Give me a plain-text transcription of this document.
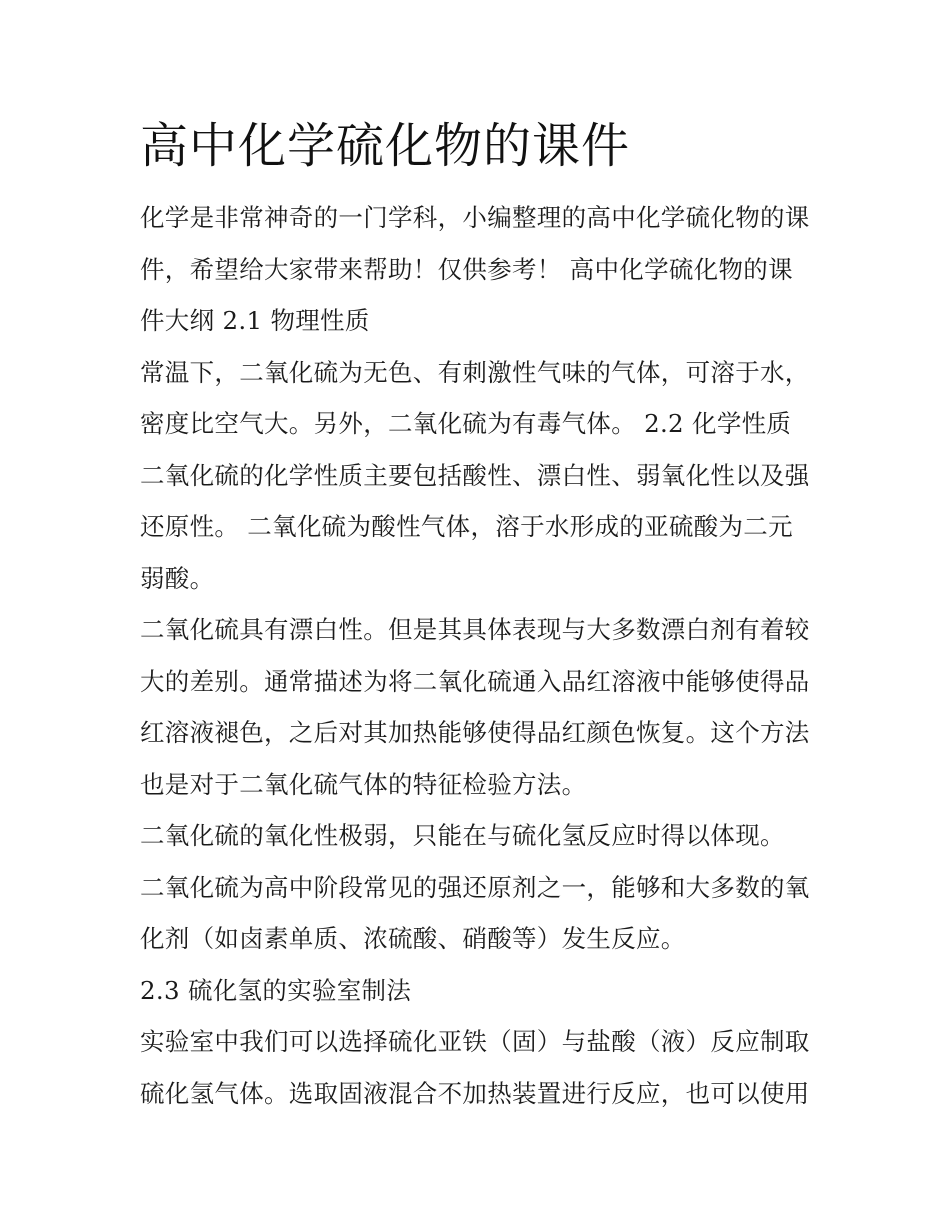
高中化学硫化物的课件

化学是非常神奇的一门学科，小编整理的高中化学硫化物的课
件，希望给大家带来帮助！仅供参考！ 高中化学硫化物的课
件大纲 2.1 物理性质

常温下，二氧化硫为无色、有刺激性气味的气体，可溶于水，
密度比空气大。另外，二氧化硫为有毒气体。 2.2 化学性质

二氧化硫的化学性质主要包括酸性、漂白性、弱氧化性以及强
还原性。 二氧化硫为酸性气体，溶于水形成的亚硫酸为二元
弱酸。

二氧化硫具有漂白性。但是其具体表现与大多数漂白剂有着较
大的差别。通常描述为将二氧化硫通入品红溶液中能够使得品
红溶液褪色，之后对其加热能够使得品红颜色恢复。这个方法
也是对于二氧化硫气体的特征检验方法。

二氧化硫的氧化性极弱，只能在与硫化氢反应时得以体现。

二氧化硫为高中阶段常见的强还原剂之一，能够和大多数的氧
化剂（如卤素单质、浓硫酸、硝酸等）发生反应。

2.3 硫化氢的实验室制法

实验室中我们可以选择硫化亚铁（固）与盐酸（液）反应制取
硫化氢气体。选取固液混合不加热装置进行反应，也可以使用
